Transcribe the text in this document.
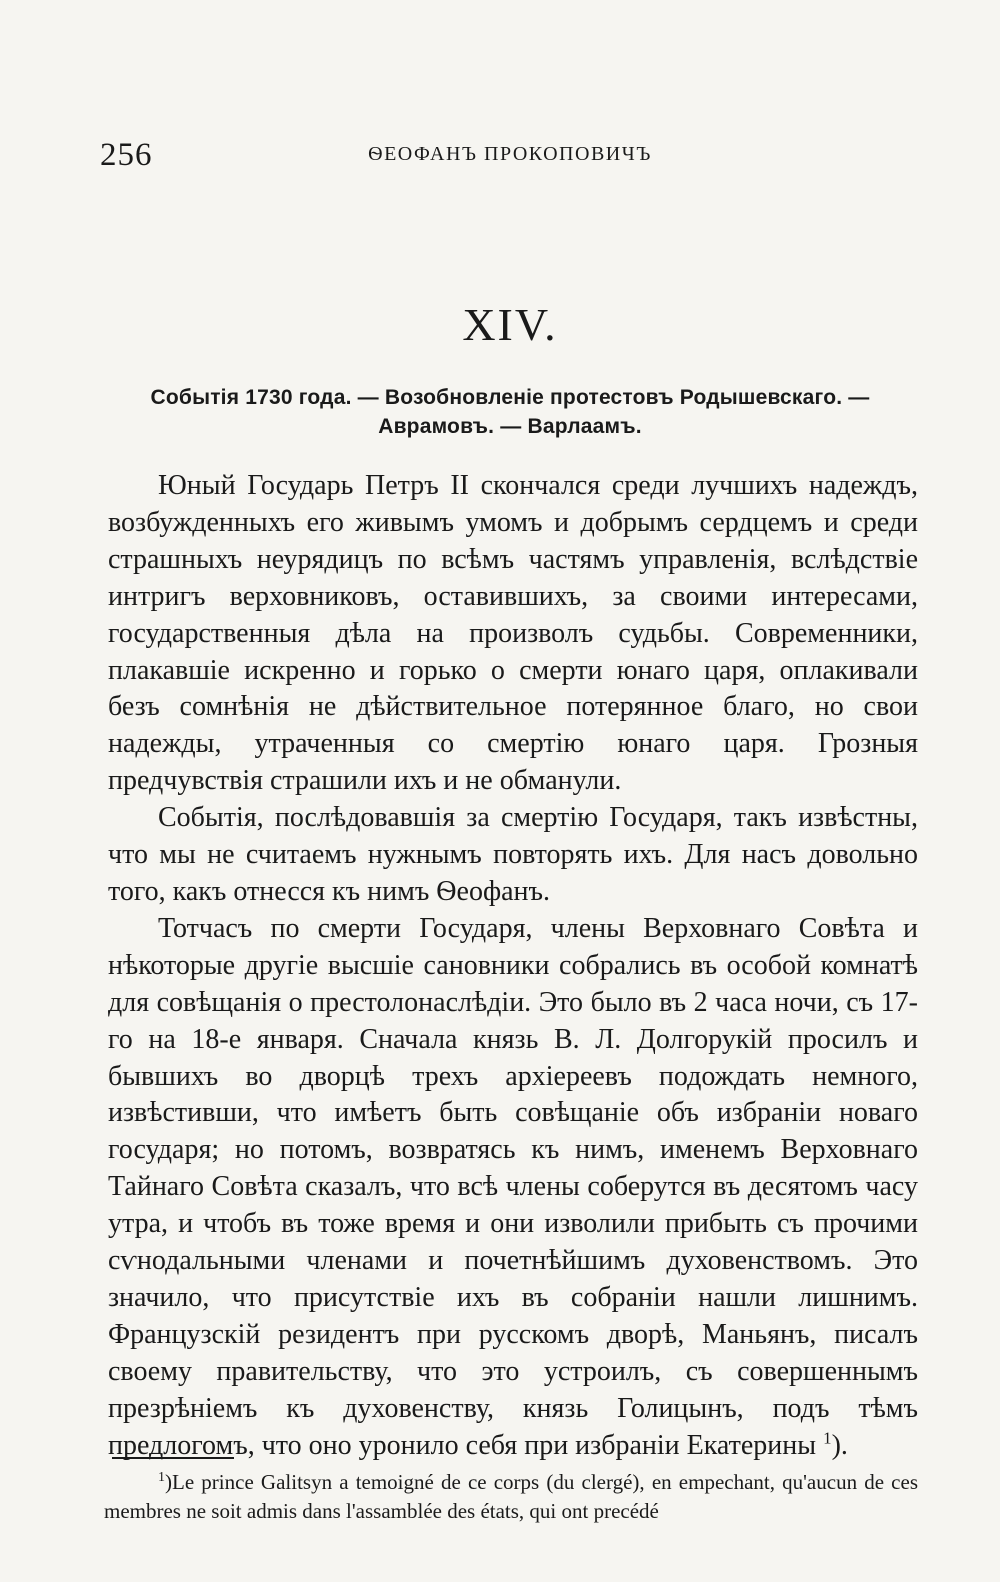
256	ѲЕОФАНЪ ПРОКОПОВИЧЪ
XIV.
Событія 1730 года. — Возобновленіе протестовъ Родышевскаго. —
Аврамовъ. — Варлаамъ.

Юный Государь Петръ II скончался среди лучшихъ надеждъ, возбужденныхъ его живымъ умомъ и добрымъ сердцемъ и среди страшныхъ неурядицъ по всѣмъ частямъ управленія, вслѣдствіе интригъ верховниковъ, оставившихъ, за своими интересами, государственныя дѣла на произволъ судьбы. Современники, плакавшіе искренно и горько о смерти юнаго царя, оплакивали безъ сомнѣнія не дѣйствительное потерянное благо, но свои надежды, утраченныя со смертію юнаго царя. Грозныя предчувствія страшили ихъ и не обманули.

Событія, послѣдовавшія за смертію Государя, такъ извѣстны, что мы не считаемъ нужнымъ повторять ихъ. Для насъ довольно того, какъ отнесся къ нимъ Ѳеофанъ.

Тотчасъ по смерти Государя, члены Верховнаго Совѣта и нѣкоторые другіе высшіе сановники собрались въ особой комнатѣ для совѣщанія о престолонаслѣдіи. Это было въ 2 часа ночи, съ 17-го на 18-е января. Сначала князь В. Л. Долгорукій просилъ и бывшихъ во дворцѣ трехъ архіереевъ подождать немного, извѣстивши, что имѣетъ быть совѣщаніе объ избраніи новаго государя; но потомъ, возвратясь къ нимъ, именемъ Верховнаго Тайнаго Совѣта сказалъ, что всѣ члены соберутся въ десятомъ часу утра, и чтобъ въ тоже время и они изволили прибыть съ прочими сѵнодальными членами и почетнѣйшимъ духовенствомъ. Это значило, что присутствіе ихъ въ собраніи нашли лишнимъ. Французскій резидентъ при русскомъ дворѣ, Маньянъ, писалъ своему правительству, что это устроилъ, съ совершеннымъ презрѣніемъ къ духовенству, князь Голицынъ, подъ тѣмъ предлогомъ, что оно уронило себя при избраніи Екатерины $^1$).

$^1$)Le prince Galitsyn a temoigné de ce corps (du clergé), en empechant, qu'aucun de ces membres ne soit admis dans l'assamblée des états, qui ont precédé
